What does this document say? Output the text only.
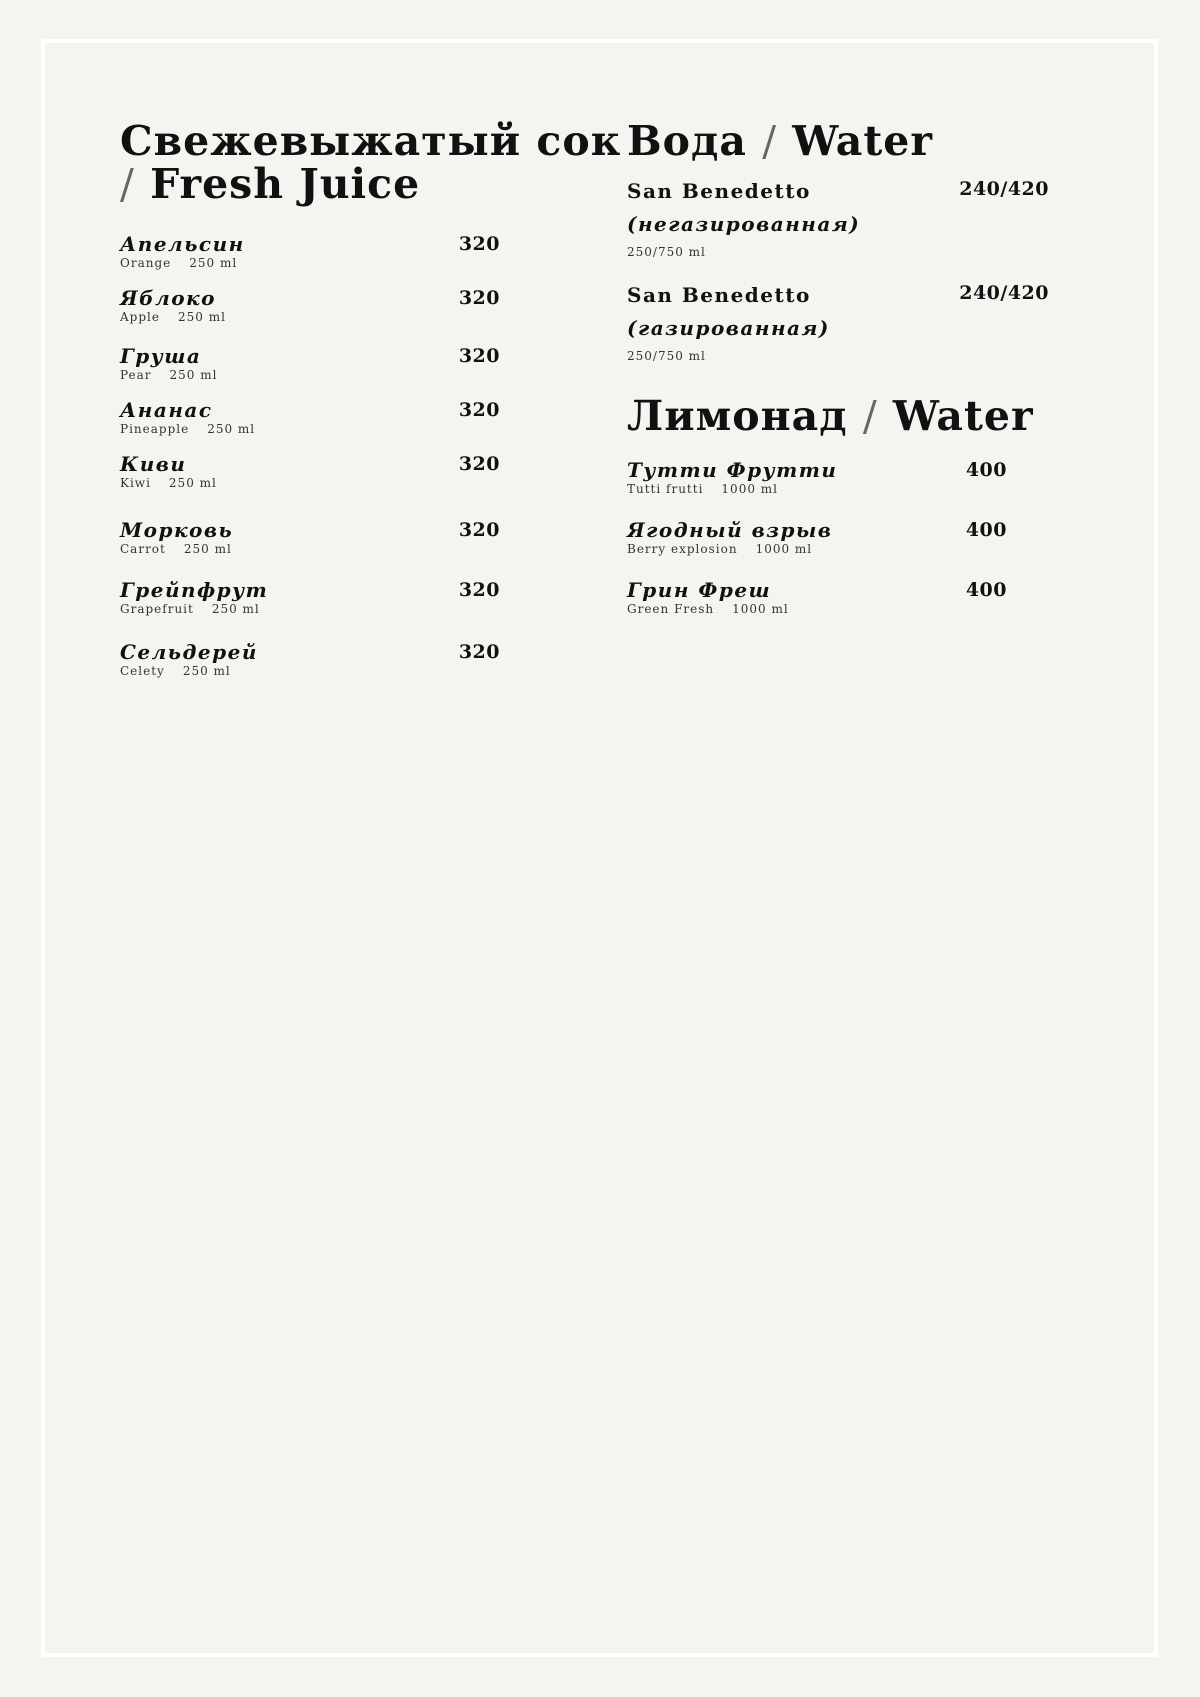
Свежевыжатый сок
/ Fresh Juice
Апельсин	320
Orange 250 ml
Яблоко	320
Apple 250 ml
Груша	320
Pear 250 ml
Ананас	320
Pineapple 250 ml
Киви	320
Kiwi 250 ml
Морковь	320
Carrot 250 ml
Грейпфрут	320
Grapefruit 250 ml
Сельдерей	320
Celety 250 ml
Вода / Water
San Benedetto
(негазированная)
240/420
250/750 ml
San Benedetto
(газированная)
240/420
250/750 ml
Лимонад / Water
Тутти Фрутти	400
Tutti frutti 1000 ml
Ягодный взрыв	400
Berry explosion 1000 ml
Грин Фреш	400
Green Fresh 1000 ml
